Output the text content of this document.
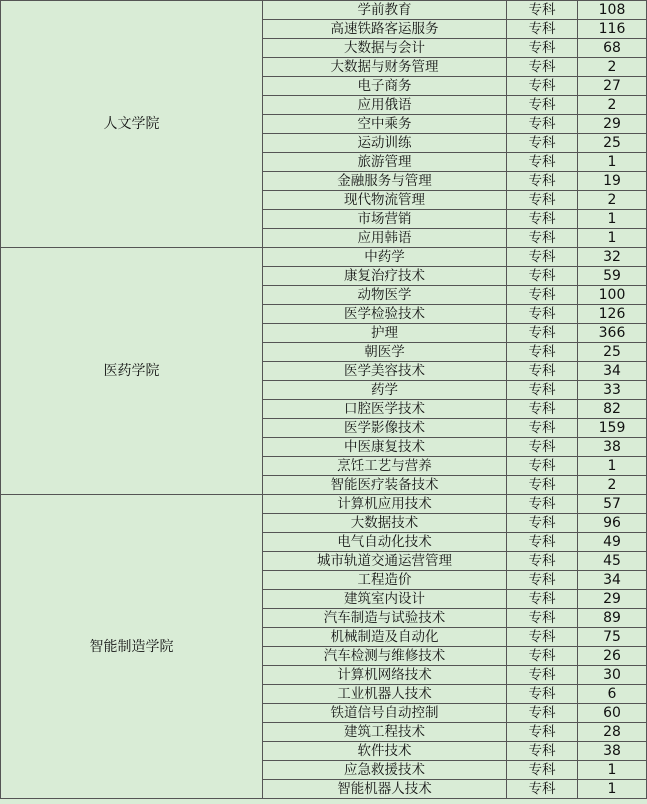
人文学院	学前教育	专科	108
	高速铁路客运服务	专科	116
	大数据与会计	专科	68
	大数据与财务管理	专科	2
	电子商务	专科	27
	应用俄语	专科	2
	空中乘务	专科	29
	运动训练	专科	25
	旅游管理	专科	1
	金融服务与管理	专科	19
	现代物流管理	专科	2
	市场营销	专科	1
	应用韩语	专科	1
医药学院	中药学	专科	32
	康复治疗技术	专科	59
	动物医学	专科	100
	医学检验技术	专科	126
	护理	专科	366
	朝医学	专科	25
	医学美容技术	专科	34
	药学	专科	33
	口腔医学技术	专科	82
	医学影像技术	专科	159
	中医康复技术	专科	38
	烹饪工艺与营养	专科	1
	智能医疗装备技术	专科	2
智能制造学院	计算机应用技术	专科	57
	大数据技术	专科	96
	电气自动化技术	专科	49
	城市轨道交通运营管理	专科	45
	工程造价	专科	34
	建筑室内设计	专科	29
	汽车制造与试验技术	专科	89
	机械制造及自动化	专科	75
	汽车检测与维修技术	专科	26
	计算机网络技术	专科	30
	工业机器人技术	专科	6
	铁道信号自动控制	专科	60
	建筑工程技术	专科	28
	软件技术	专科	38
	应急救援技术	专科	1
	智能机器人技术	专科	1
